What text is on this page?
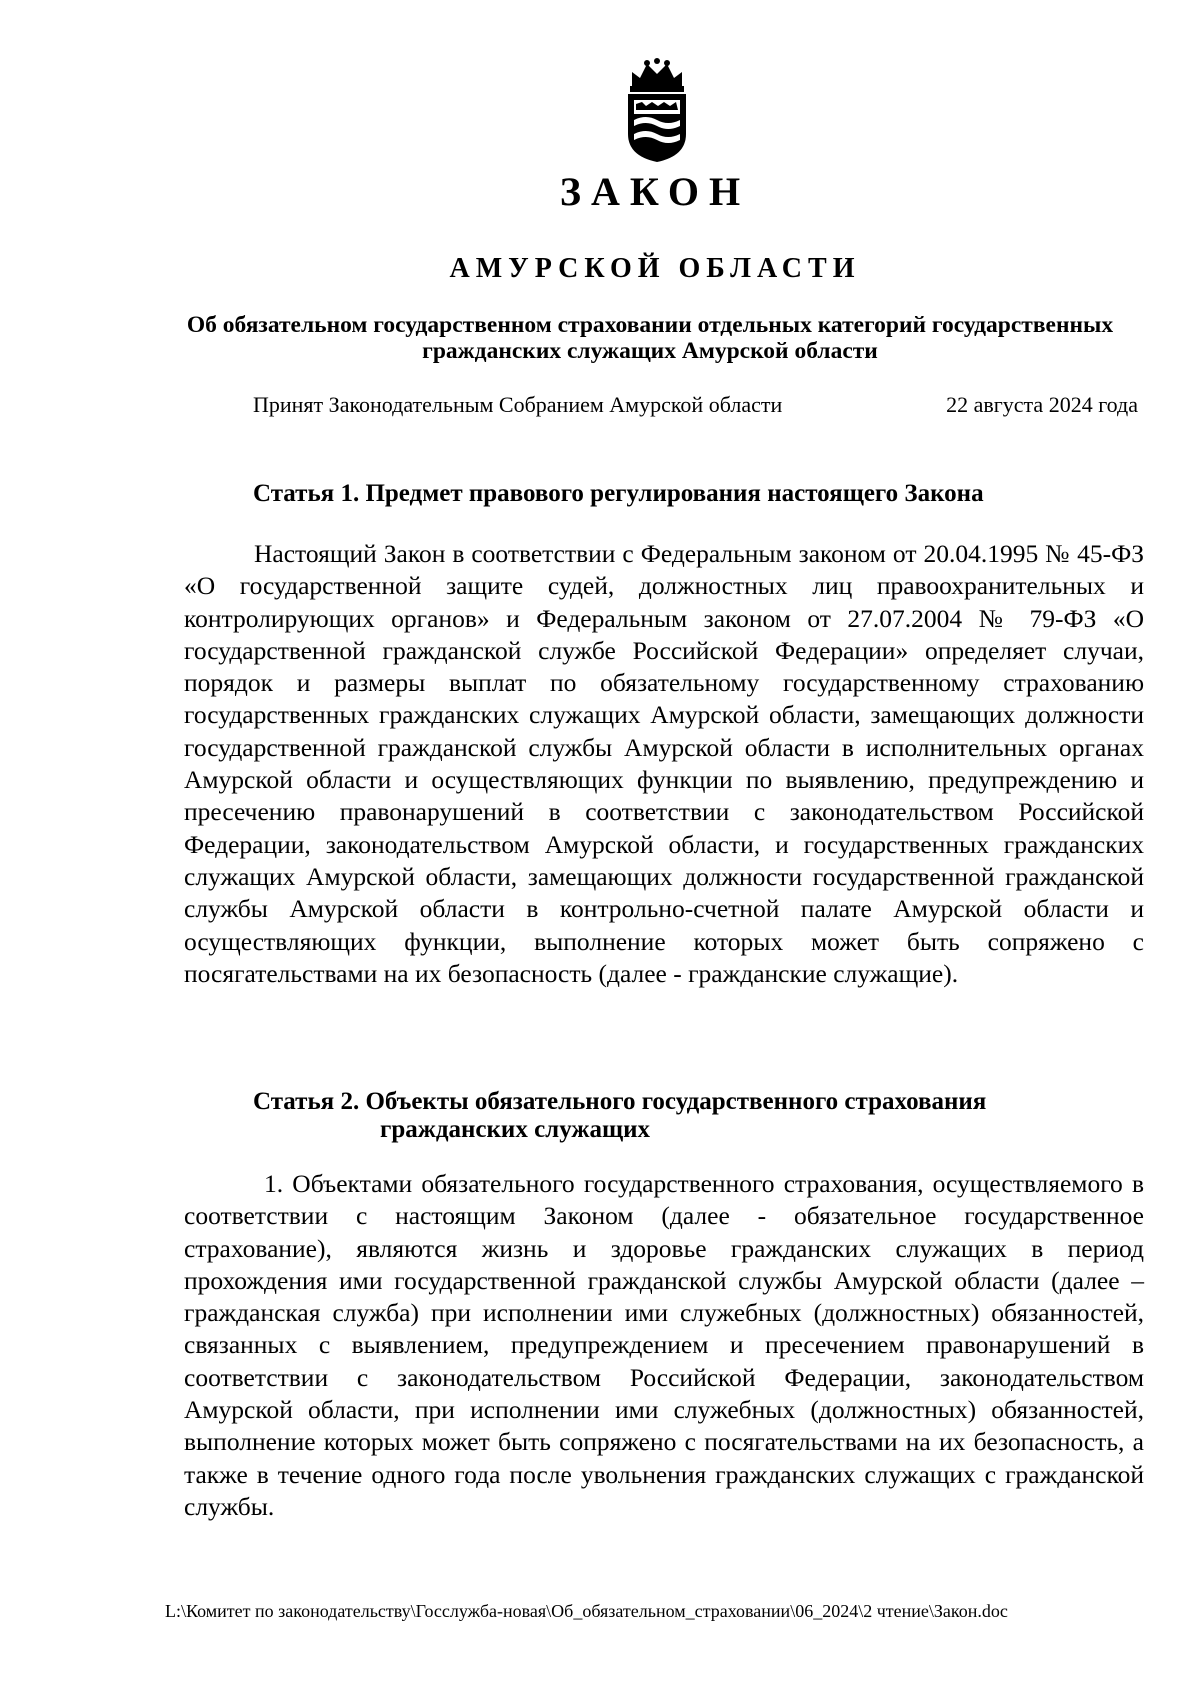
ЗАКОН
АМУРСКОЙ ОБЛАСТИ

Об обязательном государственном страховании отдельных категорий государственных гражданских служащих Амурской области

Принят Законодательным Собранием Амурской области	22 августа 2024 года
Статья 1. Предмет правового регулирования настоящего Закона

Настоящий Закон в соответствии с Федеральным законом от 20.04.1995 № 45-ФЗ «О государственной защите судей, должностных лиц правоохранительных и контролирующих органов» и Федеральным законом от 27.07.2004 № 79-ФЗ «О государственной гражданской службе Российской Федерации» определяет случаи, порядок и размеры выплат по обязательному государственному страхованию государственных гражданских служащих Амурской области, замещающих должности государственной гражданской службы Амурской области в исполнительных органах Амурской области и осуществляющих функции по выявлению, предупреждению и пресечению правонарушений в соответствии с законодательством Российской Федерации, законодательством Амурской области, и государственных гражданских служащих Амурской области, замещающих должности государственной гражданской службы Амурской области в контрольно-счетной палате Амурской области и осуществляющих функции, выполнение которых может быть сопряжено с посягательствами на их безопасность (далее - гражданские служащие).

Статья 2. Объекты обязательного государственного страхования
гражданских служащих

1. Объектами обязательного государственного страхования, осуществляемого в соответствии с настоящим Законом (далее - обязательное государственное страхование), являются жизнь и здоровье гражданских служащих в период прохождения ими государственной гражданской службы Амурской области (далее – гражданская служба) при исполнении ими служебных (должностных) обязанностей, связанных с выявлением, предупреждением и пресечением правонарушений в соответствии с законодательством Российской Федерации, законодательством Амурской области, при исполнении ими служебных (должностных) обязанностей, выполнение которых может быть сопряжено с посягательствами на их безопасность, а также в течение одного года после увольнения гражданских служащих с гражданской службы.

L:\Комитет по законодательству\Госслужба-новая\Об_обязательном_страховании\06_2024\2 чтение\Закон.doc
